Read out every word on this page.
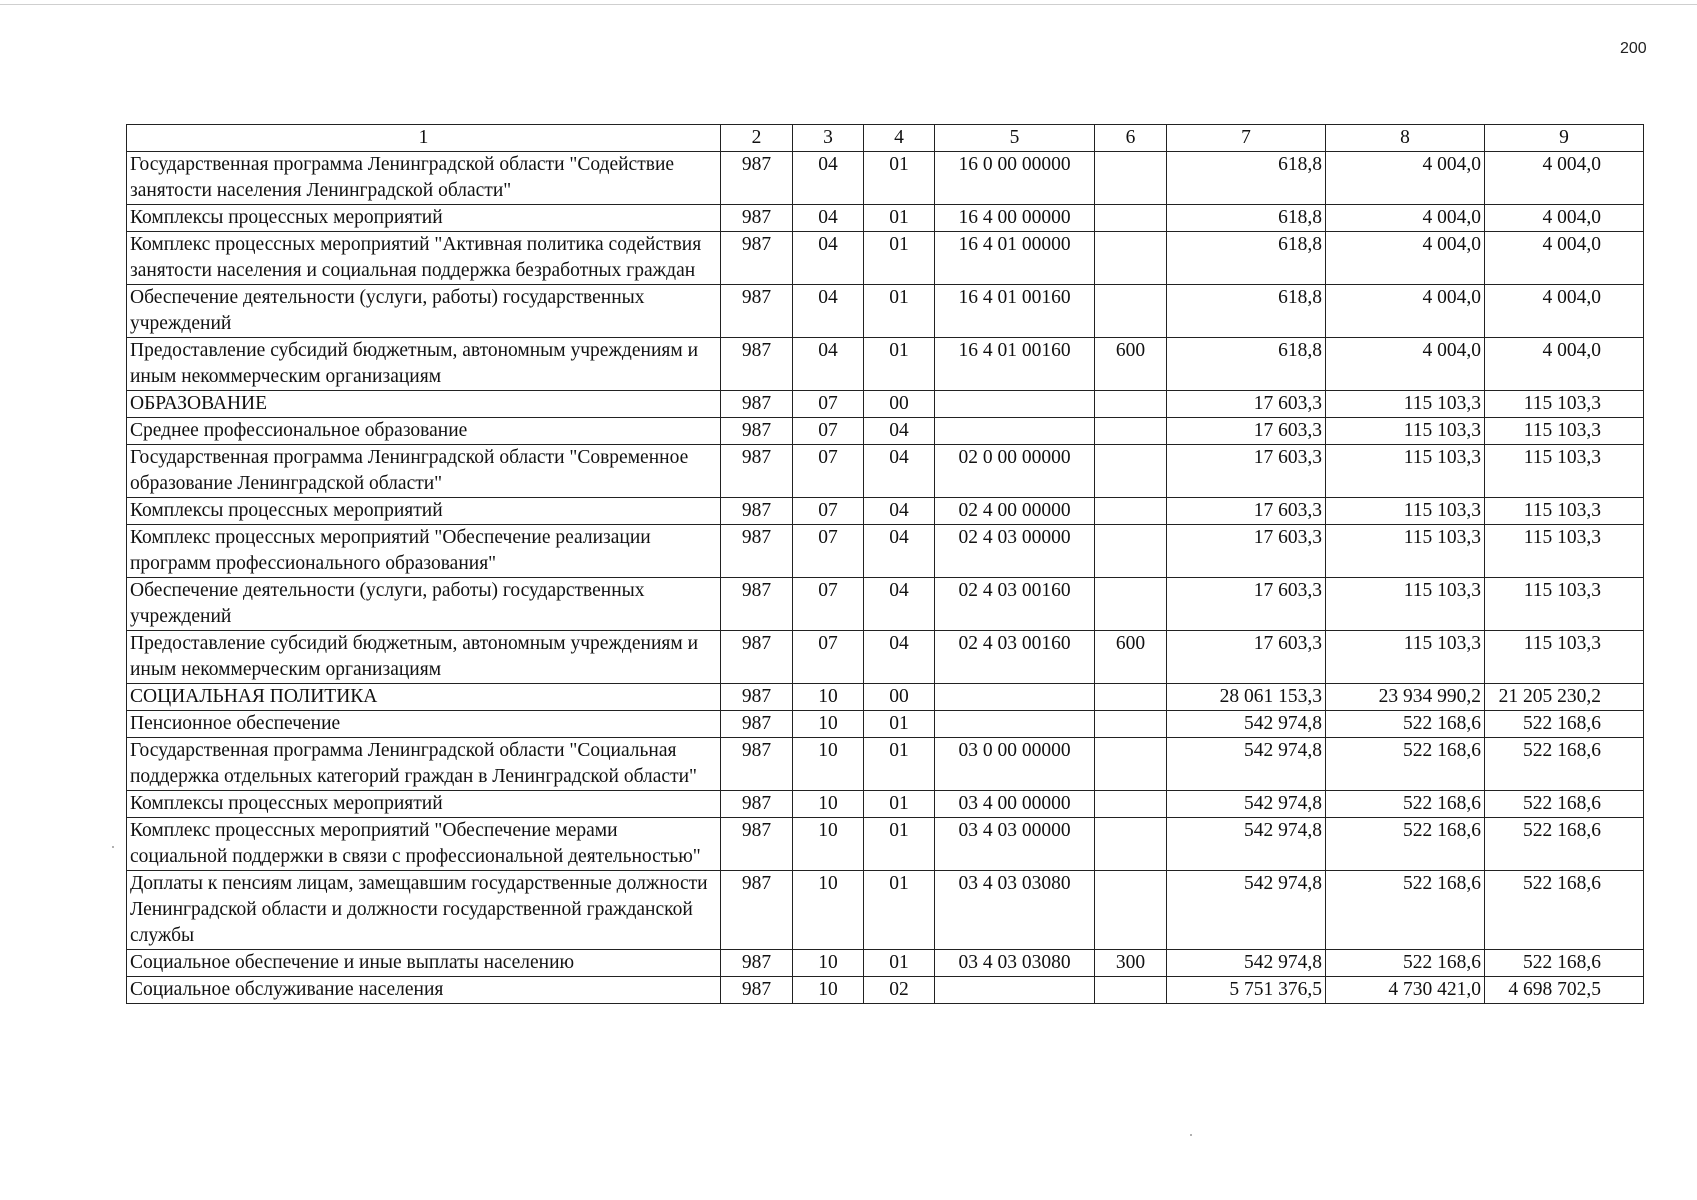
200
1	2	3	4	5	6	7	8	9
Государственная программа Ленинградской области "Содействие занятости населения Ленинградской области"	987	04	01	16 0 00 00000		618,8	4 004,0	4 004,0
Комплексы процессных мероприятий	987	04	01	16 4 00 00000		618,8	4 004,0	4 004,0
Комплекс процессных мероприятий "Активная политика содействия занятости населения и социальная поддержка безработных граждан	987	04	01	16 4 01 00000		618,8	4 004,0	4 004,0
Обеспечение деятельности (услуги, работы) государственных учреждений	987	04	01	16 4 01 00160		618,8	4 004,0	4 004,0
Предоставление субсидий бюджетным, автономным учреждениям и иным некоммерческим организациям	987	04	01	16 4 01 00160	600	618,8	4 004,0	4 004,0
ОБРАЗОВАНИЕ	987	07	00			17 603,3	115 103,3	115 103,3
Среднее профессиональное образование	987	07	04			17 603,3	115 103,3	115 103,3
Государственная программа Ленинградской области "Современное образование Ленинградской области"	987	07	04	02 0 00 00000		17 603,3	115 103,3	115 103,3
Комплексы процессных мероприятий	987	07	04	02 4 00 00000		17 603,3	115 103,3	115 103,3
Комплекс процессных мероприятий "Обеспечение реализации программ профессионального образования"	987	07	04	02 4 03 00000		17 603,3	115 103,3	115 103,3
Обеспечение деятельности (услуги, работы) государственных учреждений	987	07	04	02 4 03 00160		17 603,3	115 103,3	115 103,3
Предоставление субсидий бюджетным, автономным учреждениям и иным некоммерческим организациям	987	07	04	02 4 03 00160	600	17 603,3	115 103,3	115 103,3
СОЦИАЛЬНАЯ ПОЛИТИКА	987	10	00			28 061 153,3	23 934 990,2	21 205 230,2
Пенсионное обеспечение	987	10	01			542 974,8	522 168,6	522 168,6
Государственная программа Ленинградской области "Социальная поддержка отдельных категорий граждан в Ленинградской области"	987	10	01	03 0 00 00000		542 974,8	522 168,6	522 168,6
Комплексы процессных мероприятий	987	10	01	03 4 00 00000		542 974,8	522 168,6	522 168,6
Комплекс процессных мероприятий "Обеспечение мерами социальной поддержки в связи с профессиональной деятельностью"	987	10	01	03 4 03 00000		542 974,8	522 168,6	522 168,6
Доплаты к пенсиям лицам, замещавшим государственные должности Ленинградской области и должности государственной гражданской службы	987	10	01	03 4 03 03080		542 974,8	522 168,6	522 168,6
Социальное обеспечение и иные выплаты населению	987	10	01	03 4 03 03080	300	542 974,8	522 168,6	522 168,6
Социальное обслуживание населения	987	10	02			5 751 376,5	4 730 421,0	4 698 702,5
